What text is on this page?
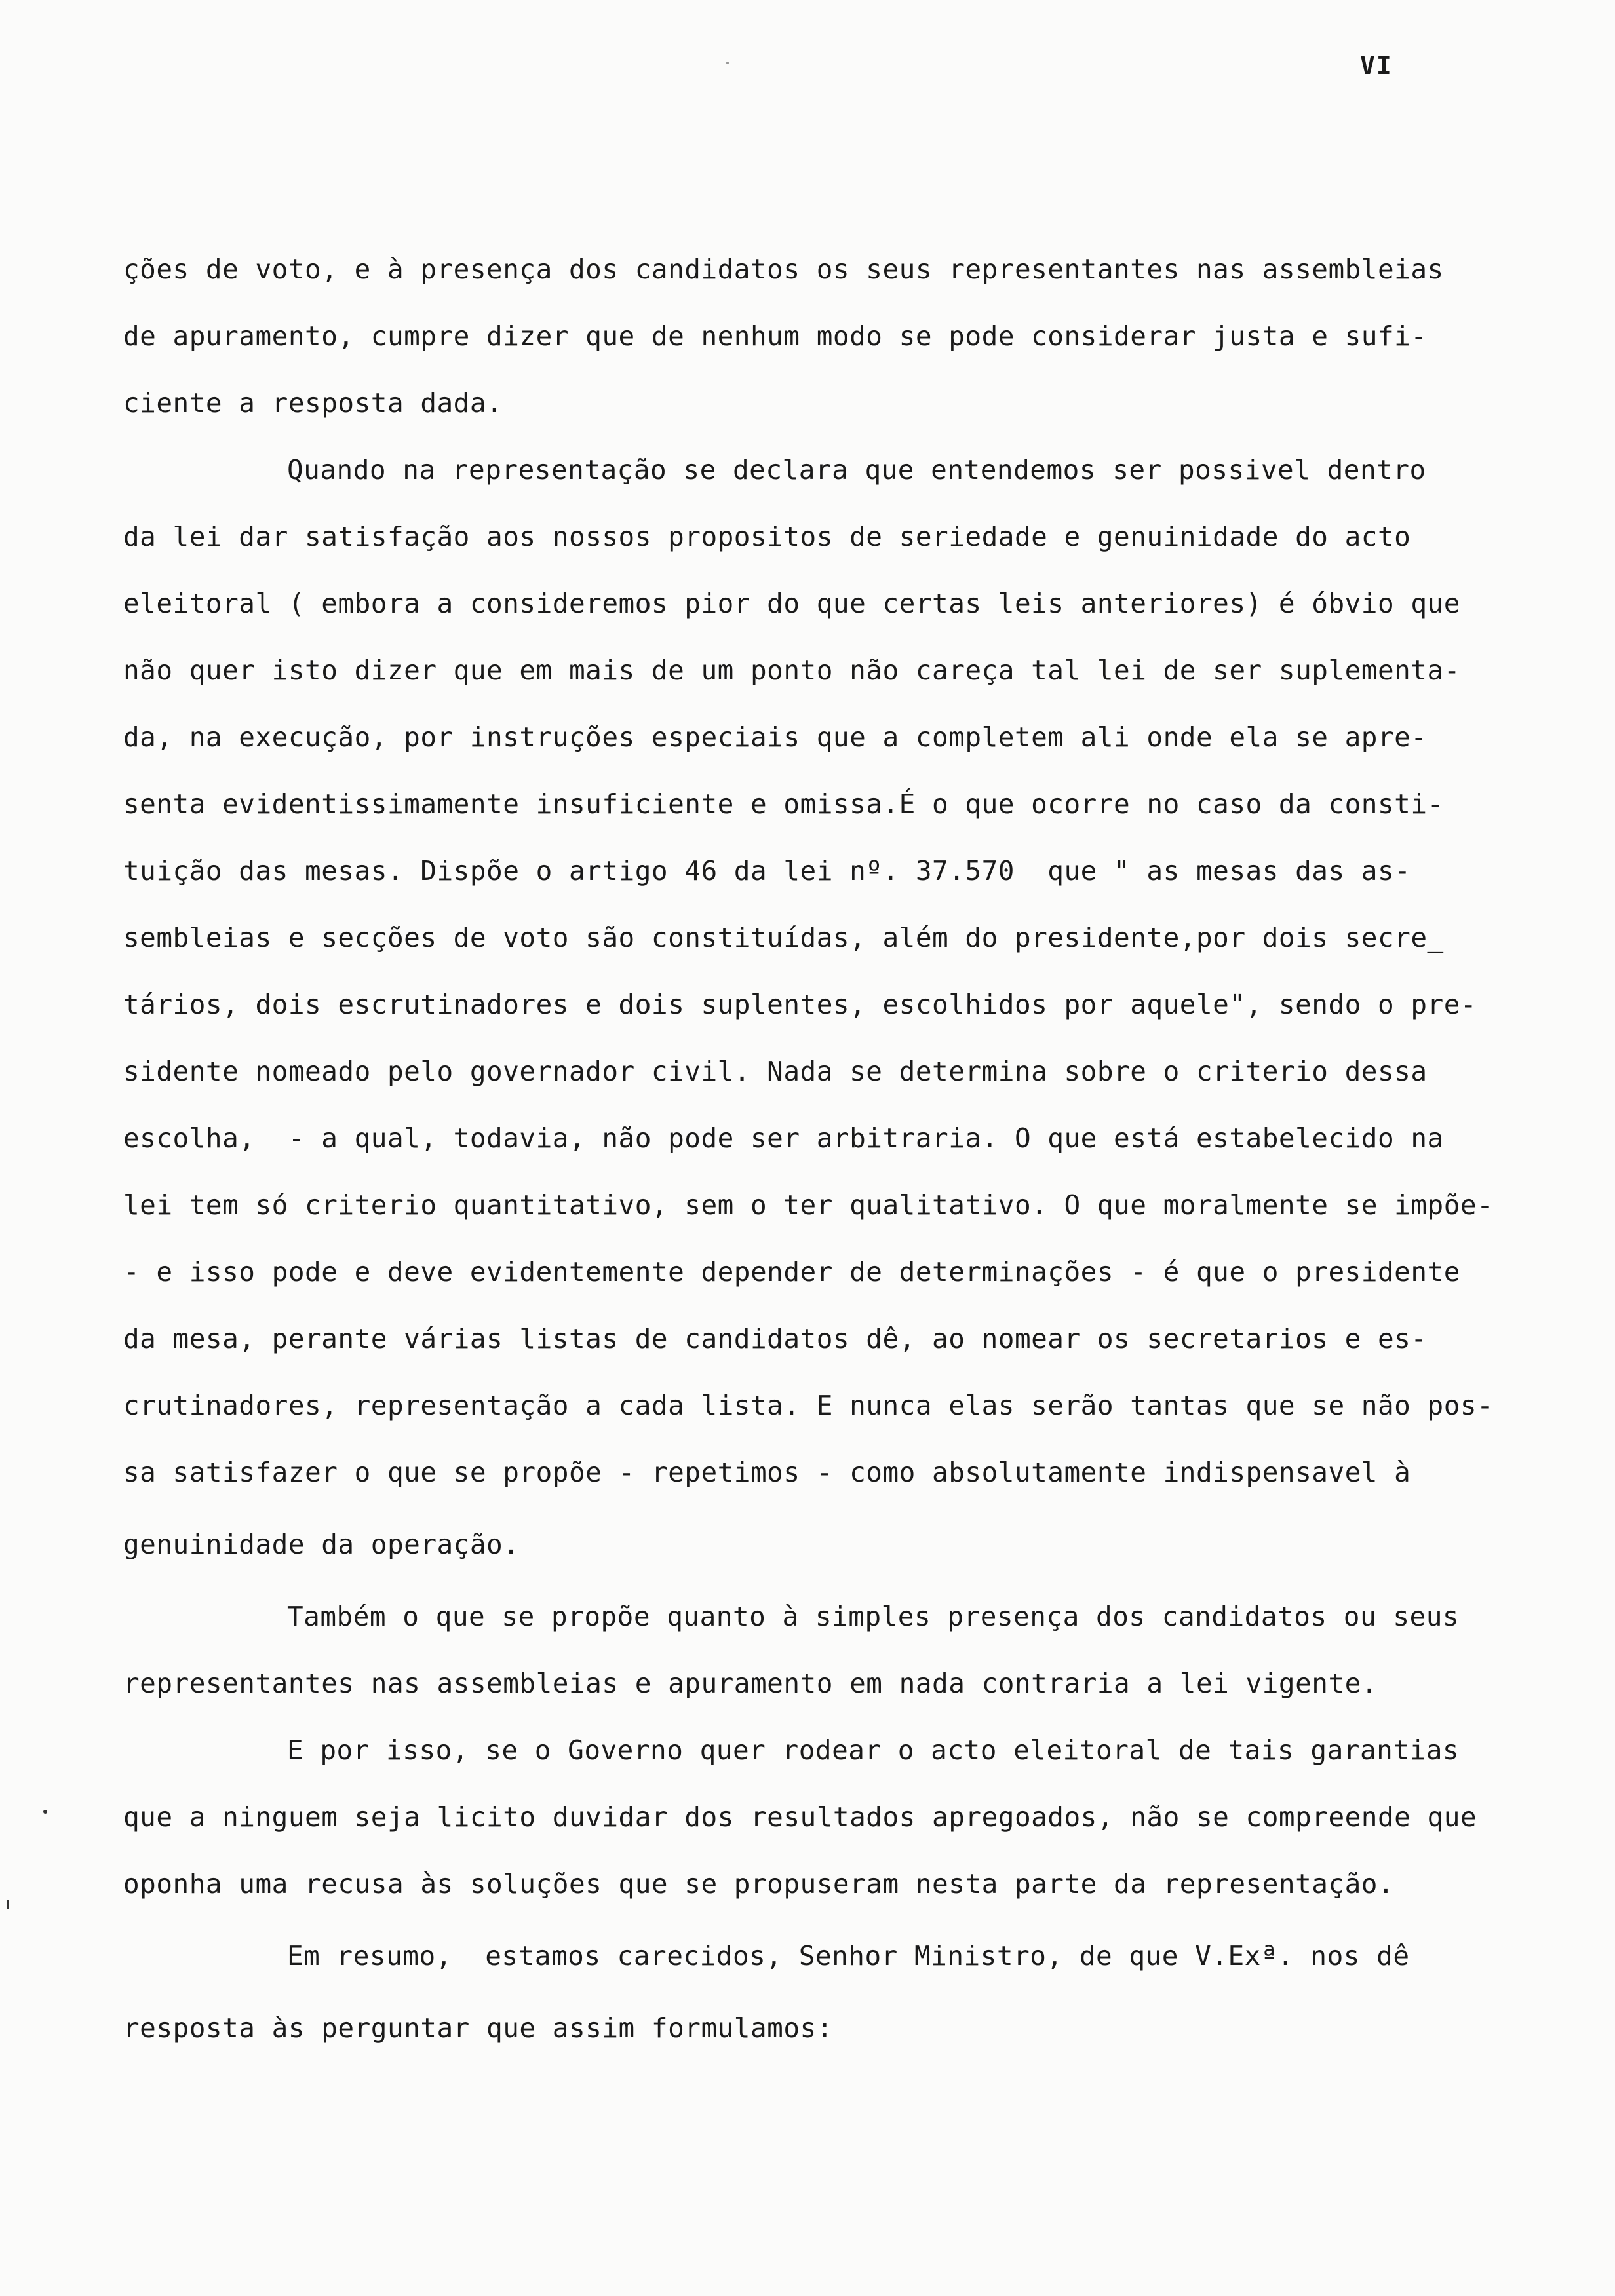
VI
ções de voto, e à presença dos candidatos os seus representantes nas assembleias
de apuramento, cumpre dizer que de nenhum modo se pode considerar justa e sufi-
ciente a resposta dada.
Quando na representação se declara que entendemos ser possivel dentro
da lei dar satisfação aos nossos propositos de seriedade e genuinidade do acto
eleitoral ( embora a consideremos pior do que certas leis anteriores) é óbvio que
não quer isto dizer que em mais de um ponto não careça tal lei de ser suplementa-
da, na execução, por instruções especiais que a completem ali onde ela se apre-
senta evidentissimamente insuficiente e omissa.É o que ocorre no caso da consti-
tuição das mesas. Dispõe o artigo 46 da lei nº. 37.570  que " as mesas das as-
sembleias e secções de voto são constituídas, além do presidente,por dois secre_
tários, dois escrutinadores e dois suplentes, escolhidos por aquele", sendo o pre-
sidente nomeado pelo governador civil. Nada se determina sobre o criterio dessa
escolha,  - a qual, todavia, não pode ser arbitraria. O que está estabelecido na
lei tem só criterio quantitativo, sem o ter qualitativo. O que moralmente se impõe-
- e isso pode e deve evidentemente depender de determinações - é que o presidente
da mesa, perante várias listas de candidatos dê, ao nomear os secretarios e es-
crutinadores, representação a cada lista. E nunca elas serão tantas que se não pos-
sa satisfazer o que se propõe - repetimos - como absolutamente indispensavel à
genuinidade da operação.
Também o que se propõe quanto à simples presença dos candidatos ou seus
representantes nas assembleias e apuramento em nada contraria a lei vigente.
E por isso, se o Governo quer rodear o acto eleitoral de tais garantias
que a ninguem seja licito duvidar dos resultados apregoados, não se compreende que
oponha uma recusa às soluções que se propuseram nesta parte da representação.
Em resumo,  estamos carecidos, Senhor Ministro, de que V.Exª. nos dê
resposta às perguntar que assim formulamos:
